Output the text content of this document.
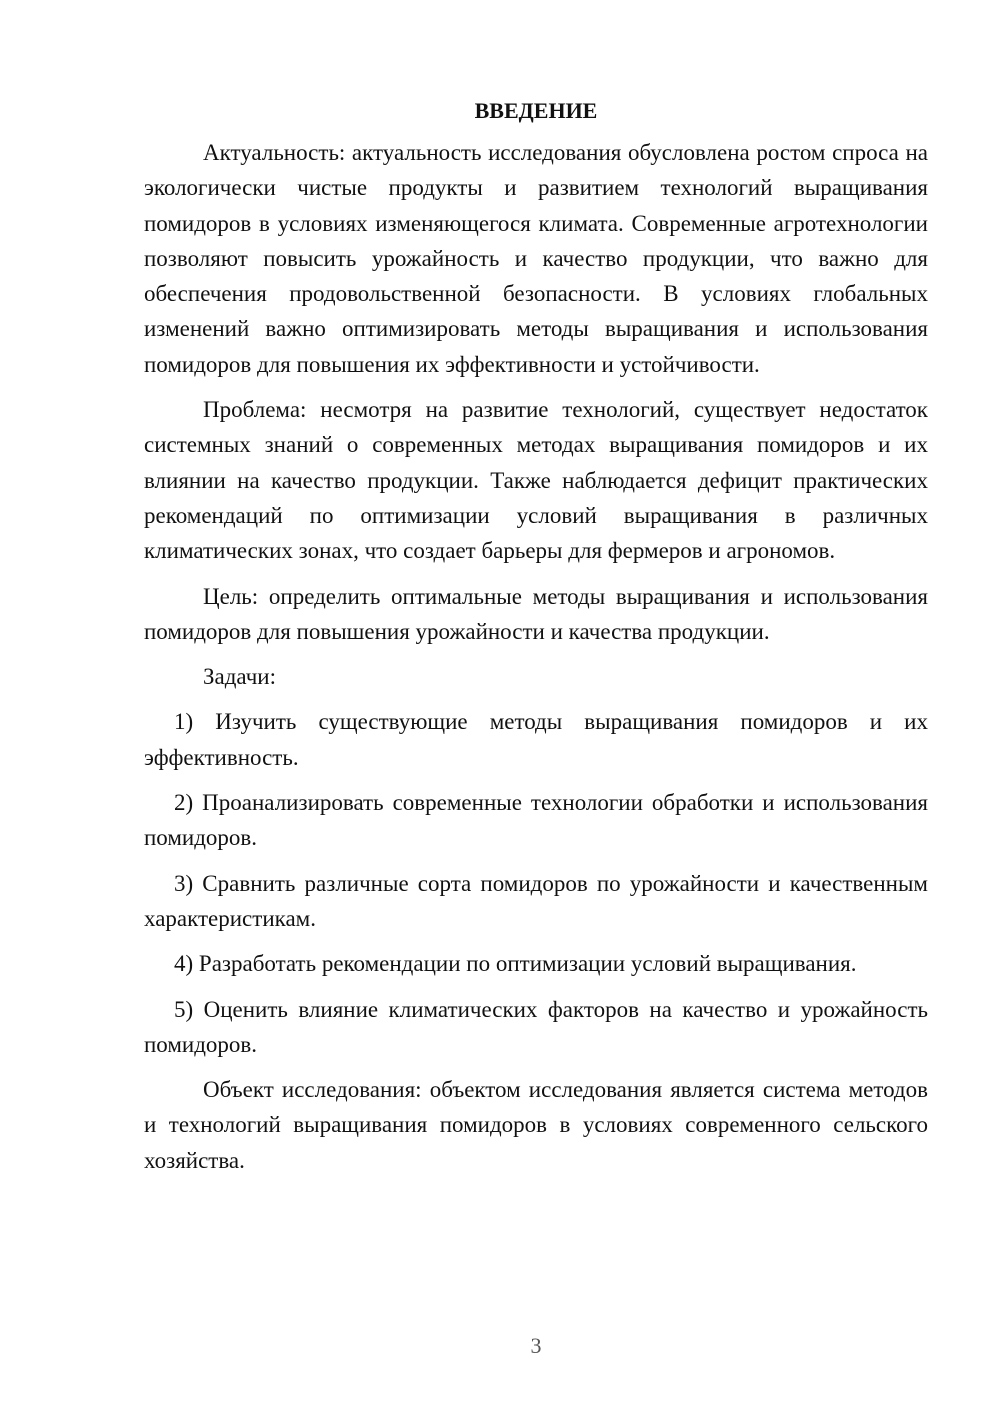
ВВЕДЕНИЕ

Актуальность: актуальность исследования обусловлена ростом спроса на экологически чистые продукты и развитием технологий выращивания помидоров в условиях изменяющегося климата. Современные агротехнологии позволяют повысить урожайность и качество продукции, что важно для обеспечения продовольственной безопасности. В условиях глобальных изменений важно оптимизировать методы выращивания и использования помидоров для повышения их эффективности и устойчивости.

Проблема: несмотря на развитие технологий, существует недостаток системных знаний о современных методах выращивания помидоров и их влиянии на качество продукции. Также наблюдается дефицит практических рекомендаций по оптимизации условий выращивания в различных климатических зонах, что создает барьеры для фермеров и агрономов.

Цель: определить оптимальные методы выращивания и использования помидоров для повышения урожайности и качества продукции.

Задачи:

1) Изучить существующие методы выращивания помидоров и их эффективность.

2) Проанализировать современные технологии обработки и использования помидоров.

3) Сравнить различные сорта помидоров по урожайности и качественным характеристикам.

4) Разработать рекомендации по оптимизации условий выращивания.

5) Оценить влияние климатических факторов на качество и урожайность помидоров.

Объект исследования: объектом исследования является система методов и технологий выращивания помидоров в условиях современного сельского хозяйства.

3
